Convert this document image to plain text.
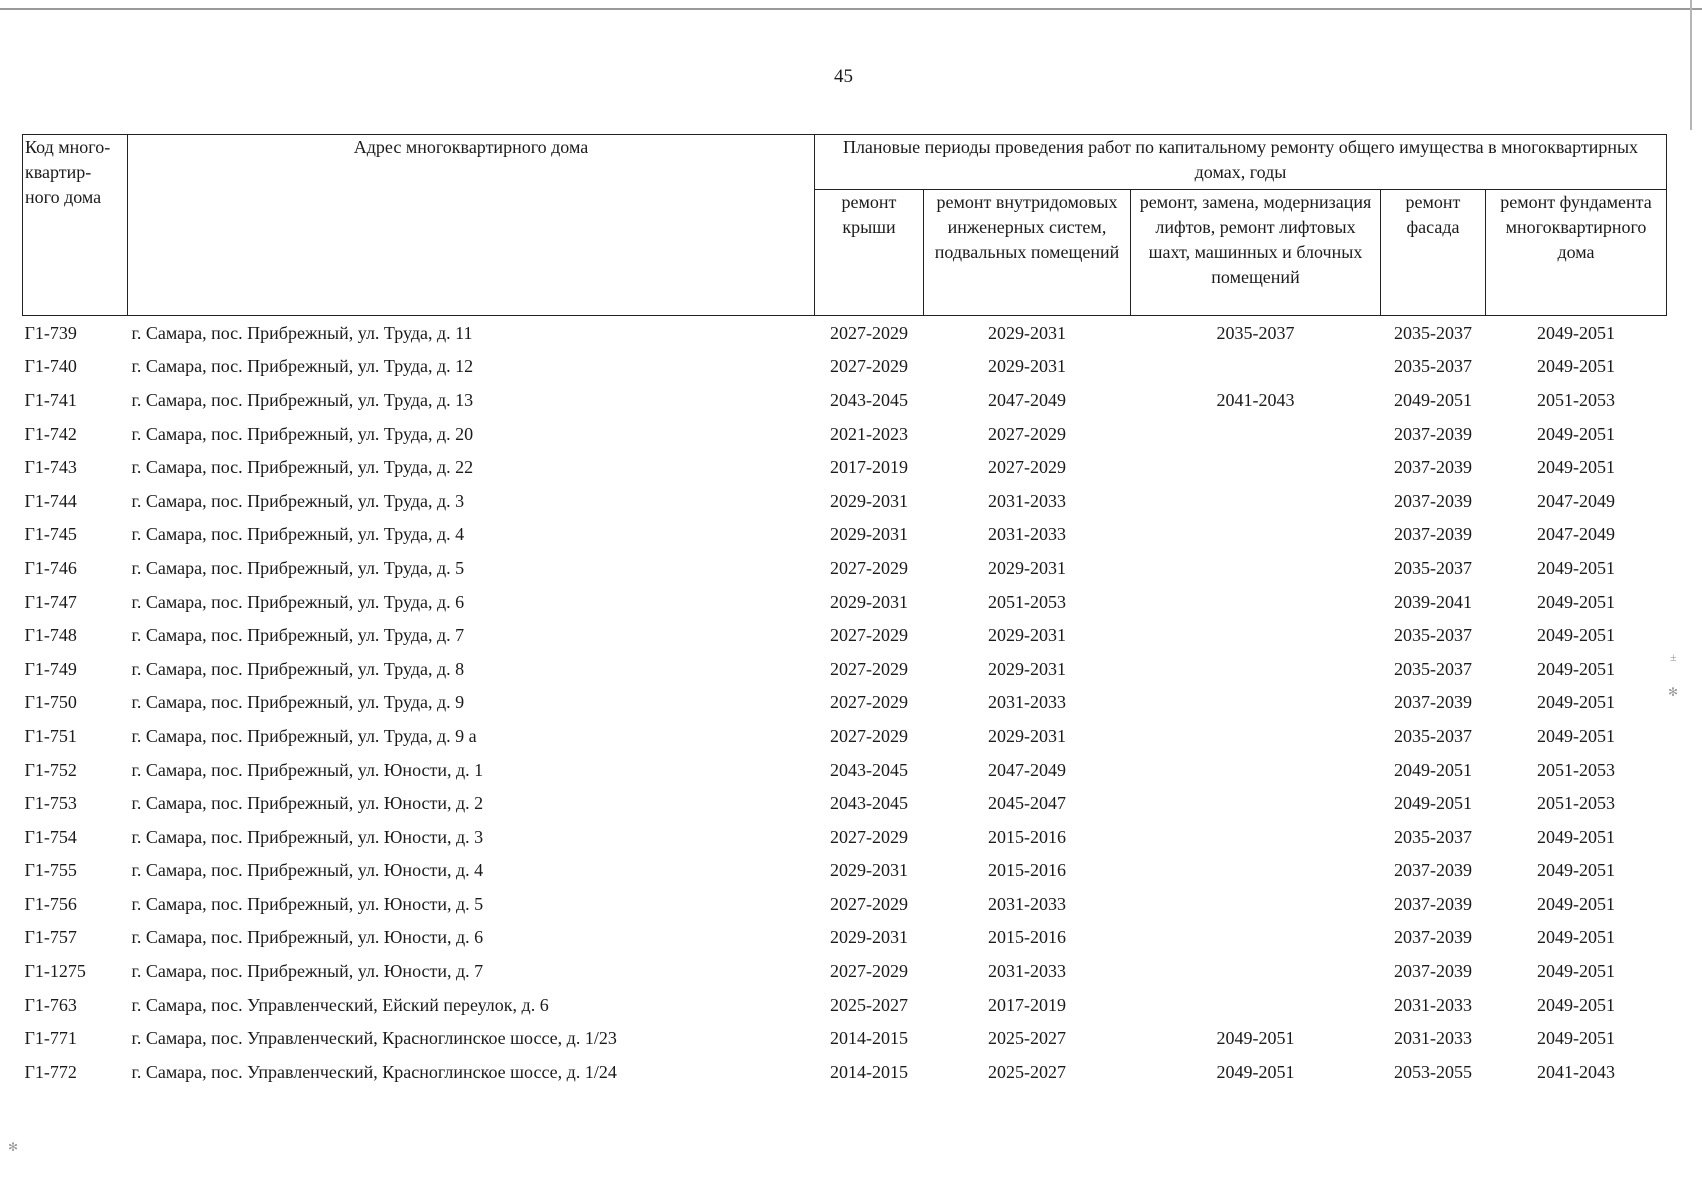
45
Код много-квартир-ного дома	Адрес многоквартирного дома	Плановые периоды проведения работ по капитальному ремонту общего имущества в многоквартирных домах, годы				
		ремонт крыши	ремонт внутридомовых инженерных систем, подвальных помещений	ремонт, замена, модернизация лифтов, ремонт лифтовых шахт, машинных и блочных помещений	ремонт фасада	ремонт фундамента многоквартирного дома
Г1-739	г. Самара, пос. Прибрежный, ул. Труда, д. 11	2027-2029	2029-2031	2035-2037	2035-2037	2049-2051
Г1-740	г. Самара, пос. Прибрежный, ул. Труда, д. 12	2027-2029	2029-2031		2035-2037	2049-2051
Г1-741	г. Самара, пос. Прибрежный, ул. Труда, д. 13	2043-2045	2047-2049	2041-2043	2049-2051	2051-2053
Г1-742	г. Самара, пос. Прибрежный, ул. Труда, д. 20	2021-2023	2027-2029		2037-2039	2049-2051
Г1-743	г. Самара, пос. Прибрежный, ул. Труда, д. 22	2017-2019	2027-2029		2037-2039	2049-2051
Г1-744	г. Самара, пос. Прибрежный, ул. Труда, д. 3	2029-2031	2031-2033		2037-2039	2047-2049
Г1-745	г. Самара, пос. Прибрежный, ул. Труда, д. 4	2029-2031	2031-2033		2037-2039	2047-2049
Г1-746	г. Самара, пос. Прибрежный, ул. Труда, д. 5	2027-2029	2029-2031		2035-2037	2049-2051
Г1-747	г. Самара, пос. Прибрежный, ул. Труда, д. 6	2029-2031	2051-2053		2039-2041	2049-2051
Г1-748	г. Самара, пос. Прибрежный, ул. Труда, д. 7	2027-2029	2029-2031		2035-2037	2049-2051
Г1-749	г. Самара, пос. Прибрежный, ул. Труда, д. 8	2027-2029	2029-2031		2035-2037	2049-2051
Г1-750	г. Самара, пос. Прибрежный, ул. Труда, д. 9	2027-2029	2031-2033		2037-2039	2049-2051
Г1-751	г. Самара, пос. Прибрежный, ул. Труда, д. 9 а	2027-2029	2029-2031		2035-2037	2049-2051
Г1-752	г. Самара, пос. Прибрежный, ул. Юности, д. 1	2043-2045	2047-2049		2049-2051	2051-2053
Г1-753	г. Самара, пос. Прибрежный, ул. Юности, д. 2	2043-2045	2045-2047		2049-2051	2051-2053
Г1-754	г. Самара, пос. Прибрежный, ул. Юности, д. 3	2027-2029	2015-2016		2035-2037	2049-2051
Г1-755	г. Самара, пос. Прибрежный, ул. Юности, д. 4	2029-2031	2015-2016		2037-2039	2049-2051
Г1-756	г. Самара, пос. Прибрежный, ул. Юности, д. 5	2027-2029	2031-2033		2037-2039	2049-2051
Г1-757	г. Самара, пос. Прибрежный, ул. Юности, д. 6	2029-2031	2015-2016		2037-2039	2049-2051
Г1-1275	г. Самара, пос. Прибрежный, ул. Юности, д. 7	2027-2029	2031-2033		2037-2039	2049-2051
Г1-763	г. Самара, пос. Управленческий, Ейский переулок, д. 6	2025-2027	2017-2019		2031-2033	2049-2051
Г1-771	г. Самара, пос. Управленческий, Красноглинское шоссе, д. 1/23	2014-2015	2025-2027	2049-2051	2031-2033	2049-2051
Г1-772	г. Самара, пос. Управленческий, Красноглинское шоссе, д. 1/24	2014-2015	2025-2027	2049-2051	2053-2055	2041-2043
✻
✻
±
